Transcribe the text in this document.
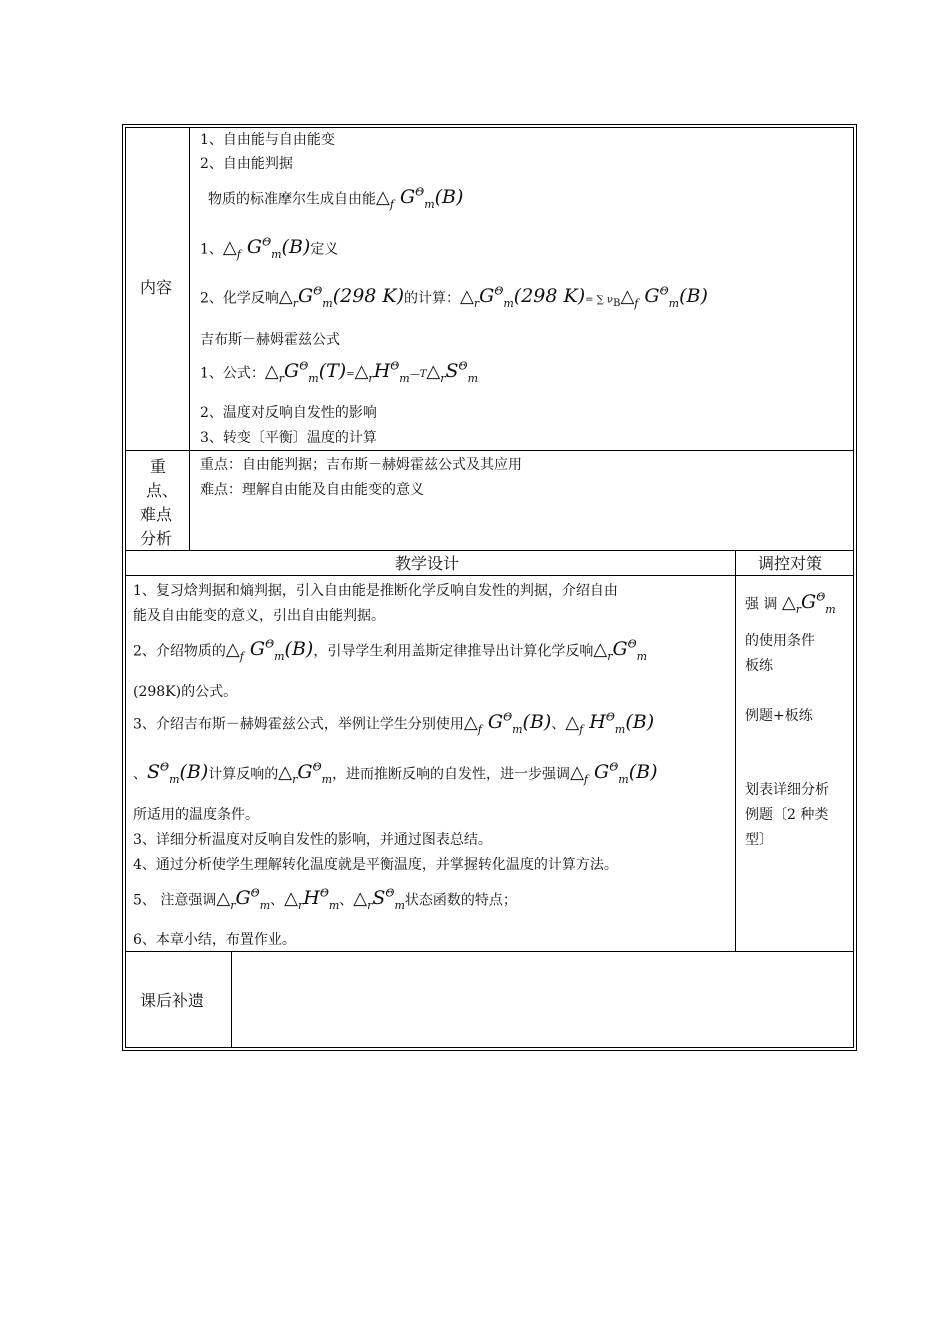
内容
重
点、
难点
分析
教学设计	调控对策
课后补遗
1、自由能与自由能变
2、自由能判据
物质的标准摩尔生成自由能$\triangle_f$ $G^\Theta_m(B)$
1、$\triangle_f$ $G^\Theta_m(B)$定义
2、化学反响$\triangle_rG^\Theta_m(298$ K)的计算：$\triangle_rG^\Theta_m(298$ K)= ∑ $\nu_B\triangle_f$ $G^\Theta_m(B)$
吉布斯－赫姆霍兹公式
1、公式：$\triangle_rG^\Theta_m(T)=\triangle_rH^\Theta_m—T\triangle_rS^\Theta_m$
2、温度对反响自发性的影响
3、转变〔平衡〕温度的计算
重点：自由能判据；吉布斯－赫姆霍兹公式及其应用
难点：理解自由能及自由能变的意义
1、复习焓判据和熵判据，引入自由能是推断化学反响自发性的判据，介绍自由
能及自由能变的意义，引出自由能判据。
2、介绍物质的$\triangle_f$ $G^\Theta_m(B)$，引导学生利用盖斯定律推导出计算化学反响$\triangle_rG^\Theta_m$
(298K)的公式。
3、介绍吉布斯－赫姆霍兹公式，举例让学生分别使用$\triangle_f$ $G^\Theta_m(B)$、$\triangle_f$ $H^\Theta_m(B)$
、$S^\Theta_m(B)$计算反响的$\triangle_rG^\Theta_m$，进而推断反响的自发性，进一步强调$\triangle_f$ $G^\Theta_m(B)$
所适用的温度条件。
3、详细分析温度对反响自发性的影响，并通过图表总结。
4、通过分析使学生理解转化温度就是平衡温度，并掌握转化温度的计算方法。
5、 注意强调$\triangle_rG^\Theta_m$、$\triangle_rH^\Theta_m$、$\triangle_rS^\Theta_m$状态函数的特点；
6、本章小结，布置作业。
强 调 $\triangle_rG^\Theta_m$
的使用条件
板练
例题+板练
划表详细分析
例题〔2 种类
型〕
